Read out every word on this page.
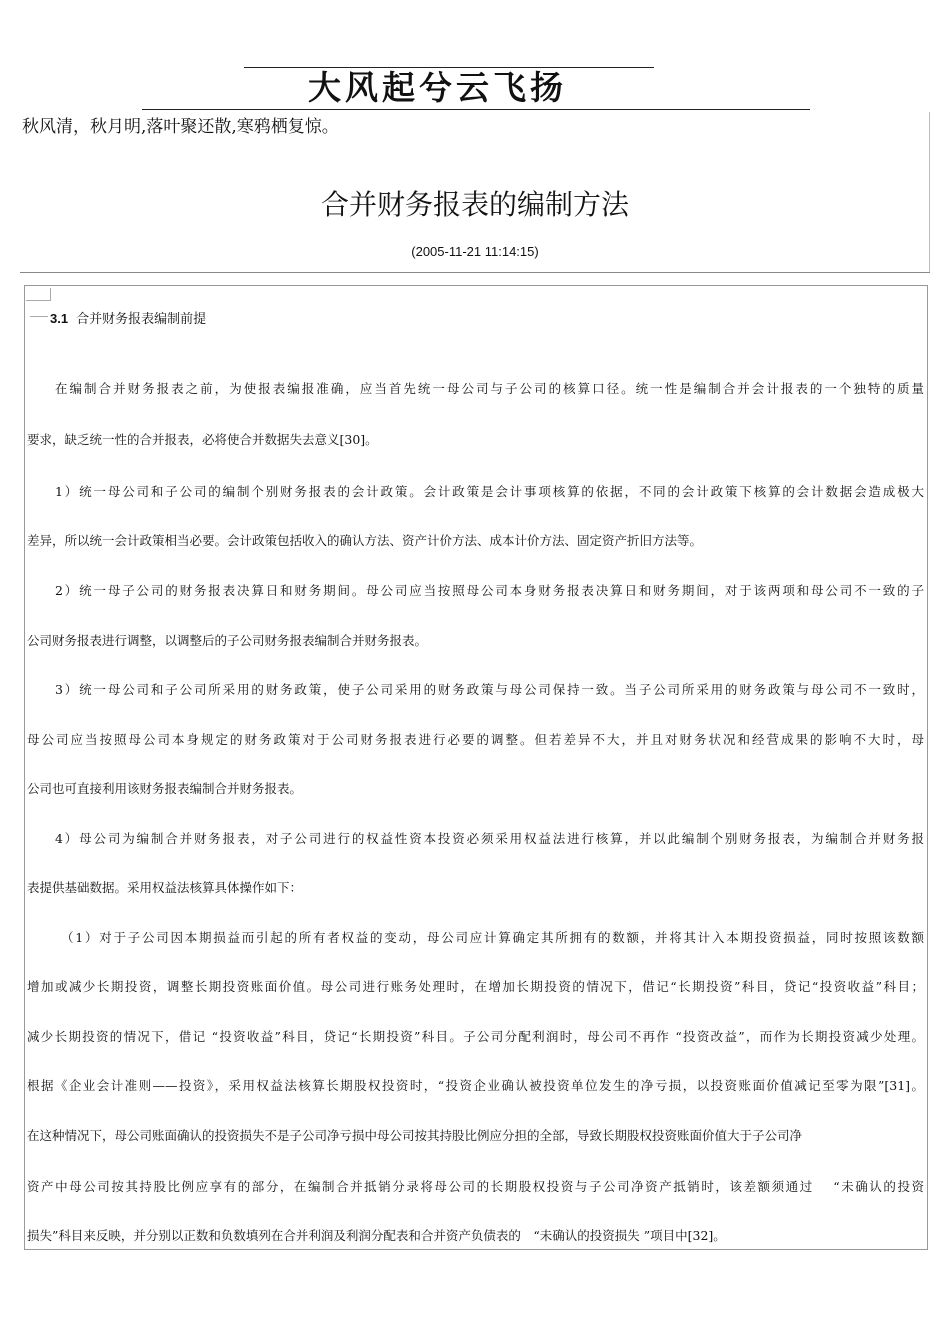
大风起兮云飞扬
秋风清，秋月明,落叶聚还散,寒鸦栖复惊。
合并财务报表的编制方法
(2005-11-21 11:14:15)
3.1 合并财务报表编制前提
在编制合并财务报表之前，为使报表编报准确，应当首先统一母公司与子公司的核算口径。统一性是编制合并会计报表的一个独特的质量
要求，缺乏统一性的合并报表，必将使合并数据失去意义[30]。
1）统一母公司和子公司的编制个别财务报表的会计政策。会计政策是会计事项核算的依据，不同的会计政策下核算的会计数据会造成极大
差异，所以统一会计政策相当必要。会计政策包括收入的确认方法、资产计价方法、成本计价方法、固定资产折旧方法等。
2）统一母子公司的财务报表决算日和财务期间。母公司应当按照母公司本身财务报表决算日和财务期间，对于该两项和母公司不一致的子
公司财务报表进行调整，以调整后的子公司财务报表编制合并财务报表。
3）统一母公司和子公司所采用的财务政策，使子公司采用的财务政策与母公司保持一致。当子公司所采用的财务政策与母公司不一致时，
母公司应当按照母公司本身规定的财务政策对于公司财务报表进行必要的调整。但若差异不大，并且对财务状况和经营成果的影响不大时，母
公司也可直接利用该财务报表编制合并财务报表。
4）母公司为编制合并财务报表，对子公司进行的权益性资本投资必须采用权益法进行核算，并以此编制个别财务报表，为编制合并财务报
表提供基础数据。采用权益法核算具体操作如下：
（1）对于子公司因本期损益而引起的所有者权益的变动，母公司应计算确定其所拥有的数额，并将其计入本期投资损益，同时按照该数额
增加或减少长期投资，调整长期投资账面价值。母公司进行账务处理时，在增加长期投资的情况下，借记“长期投资”科目，贷记“投资收益”科目；
减少长期投资的情况下，借记 “投资收益”科目，贷记“长期投资”科目。子公司分配利润时，母公司不再作 “投资改益”，而作为长期投资减少处理。
根据《企业会计准则——投资》，采用权益法核算长期股权投资时，“投资企业确认被投资单位发生的净亏损，以投资账面价值减记至零为限”[31]。
在这种情况下，母公司账面确认的投资损失不是子公司净亏损中母公司按其持股比例应分担的全部，导致长期股权投资账面价值大于子公司净
资产中母公司按其持股比例应享有的部分，在编制合并抵销分录将母公司的长期股权投资与子公司净资产抵销时，该差额须通过　 “未确认的投资
损失”科目来反映，并分别以正数和负数填列在合并利润及利润分配表和合并资产负债表的　“未确认的投资损失 ”项目中[32]。
